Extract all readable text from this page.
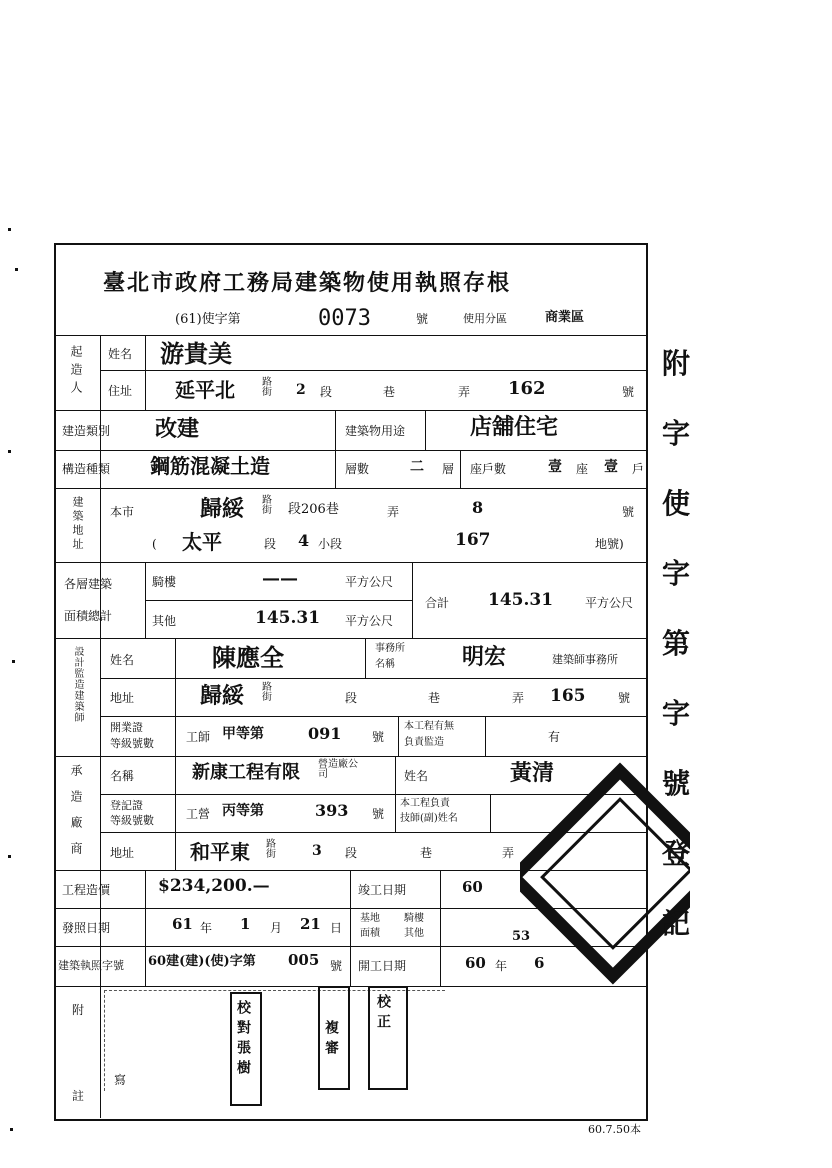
臺北市政府工務局建築物使用執照存根
(61)使字第	0073	號	使用分區	商業區
起造人 姓名 游貴美
住址 延平北	路街 2 段	巷	弄 162	號
建造類別 改建	建築物用途	店舖住宅
構造種類 鋼筋混凝土造	層數	二 層 座戶數	壹 座 壹 戶
建築地址 本市	歸綏 路街 段206巷	弄	8	號
( 太平	段 4 小段	167	地號)
各層建築
面積總計
騎樓	——	平方公尺
其他	145.31 平方公尺
合計 145.31	平方公尺
設計監造建築師 姓名	陳應全	事務所
名稱	明宏	建築師事務所
地址	歸綏 路街	段	巷	弄 165	號
開業證
等級號數	工師 甲等第	091	號
本工程有無
負責監造	有
承造廠商 名稱	新康工程有限 營造廠公司	姓名	黃清
登記證
等級號數	工營 丙等第	393 號
本工程負責
技師(副)姓名
地址	和平東 路街	3 段	巷	弄
工程造價	$234,200.—	竣工日期	60
發照日期	61 年 1 月 21 日
基地
面積
騎樓
其他	53
建築執照字號 60建(建)(使)字第 005 號 開工日期	60 年 6
附
註
寫	校對張樹	複審
校正
60.7.50本
附
字
使
字
第
字
號
登
記
